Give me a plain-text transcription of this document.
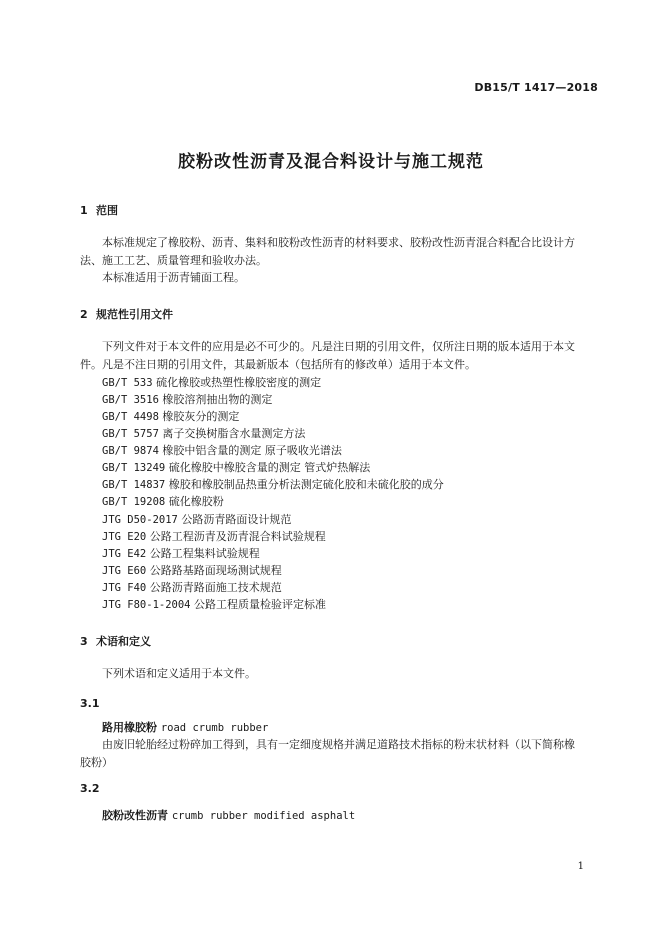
DB15/T 1417—2018
胶粉改性沥青及混合料设计与施工规范
1 范围
本标准规定了橡胶粉、沥青、集料和胶粉改性沥青的材料要求、胶粉改性沥青混合料配合比设计方
法、施工工艺、质量管理和验收办法。
本标准适用于沥青铺面工程。
2 规范性引用文件
下列文件对于本文件的应用是必不可少的。凡是注日期的引用文件，仅所注日期的版本适用于本文
件。凡是不注日期的引用文件，其最新版本（包括所有的修改单）适用于本文件。
GB/T 533 硫化橡胶或热塑性橡胶密度的测定
GB/T 3516 橡胶溶剂抽出物的测定
GB/T 4498 橡胶灰分的测定
GB/T 5757 离子交换树脂含水量测定方法
GB/T 9874 橡胶中铝含量的测定 原子吸收光谱法
GB/T 13249 硫化橡胶中橡胶含量的测定 管式炉热解法
GB/T 14837 橡胶和橡胶制品热重分析法测定硫化胶和未硫化胶的成分
GB/T 19208 硫化橡胶粉
JTG D50-2017 公路沥青路面设计规范
JTG E20 公路工程沥青及沥青混合料试验规程
JTG E42 公路工程集料试验规程
JTG E60 公路路基路面现场测试规程
JTG F40 公路沥青路面施工技术规范
JTG F80-1-2004 公路工程质量检验评定标准
3 术语和定义
下列术语和定义适用于本文件。
3.1
路用橡胶粉 road crumb rubber
由废旧轮胎经过粉碎加工得到，具有一定细度规格并满足道路技术指标的粉末状材料（以下简称橡
胶粉）
3.2
胶粉改性沥青 crumb rubber modified asphalt
1
